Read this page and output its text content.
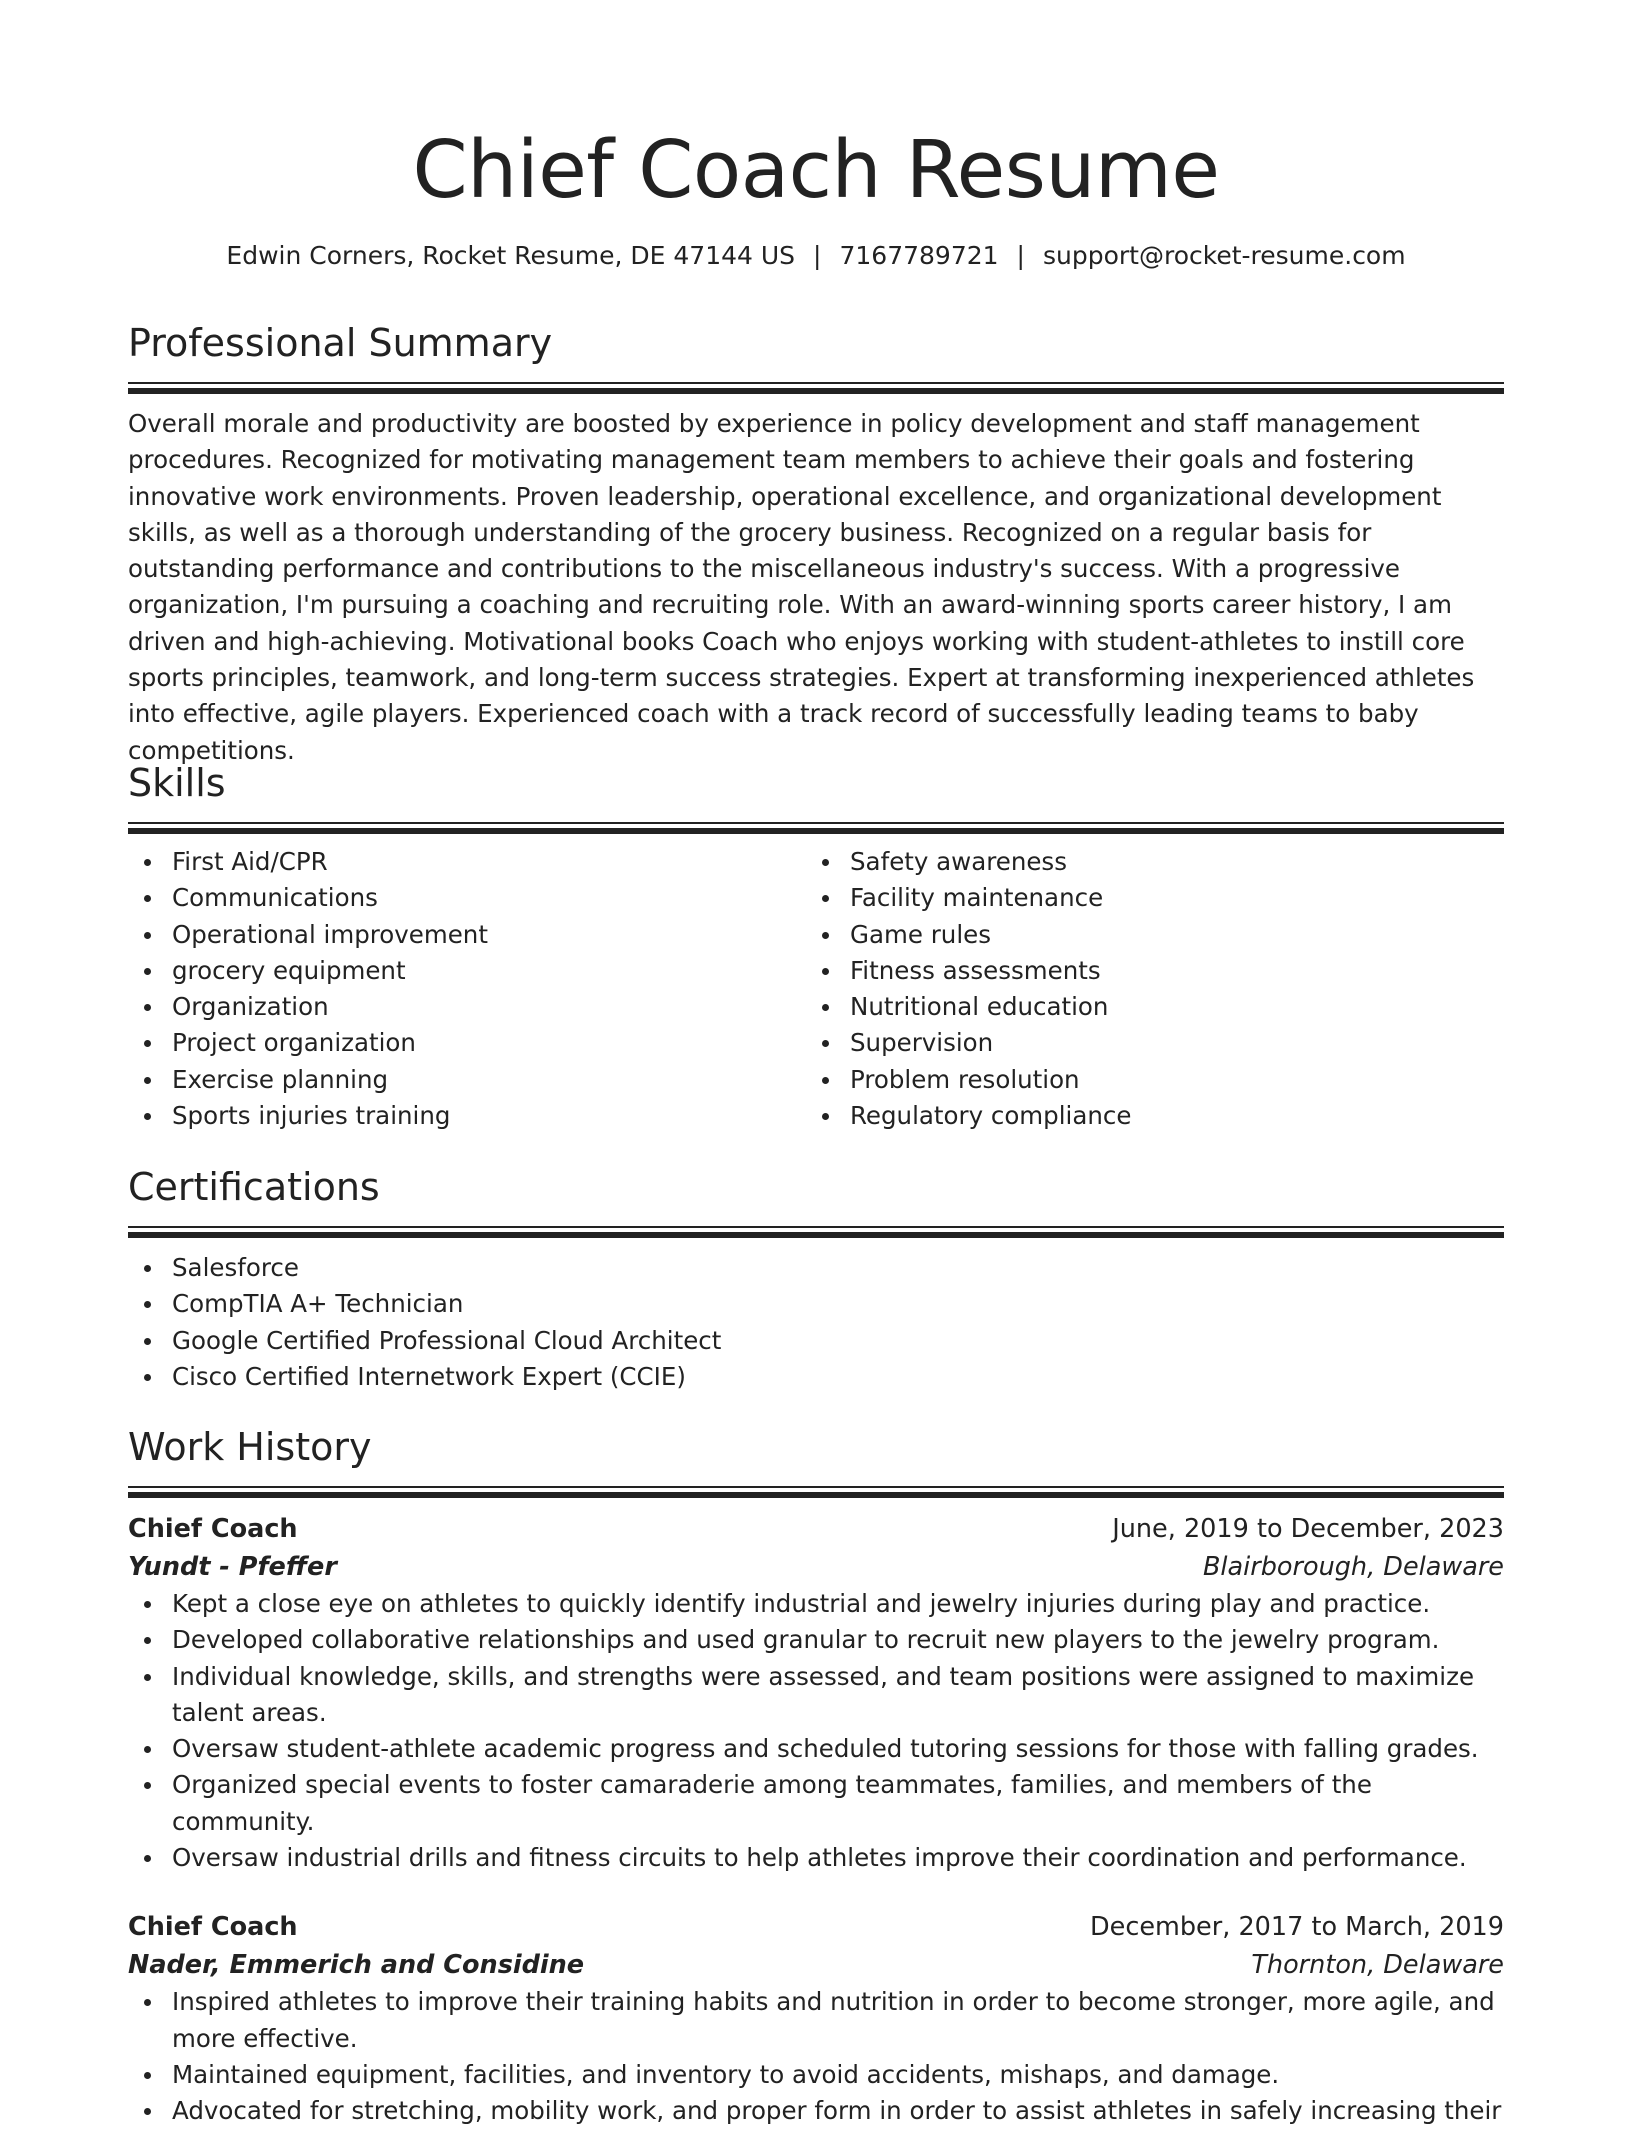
Chief Coach Resume
Edwin Corners, Rocket Resume, DE 47144 US | 7167789721 | support@rocket-resume.com
Professional Summary
Overall morale and productivity are boosted by experience in policy development and staff management procedures. Recognized for motivating management team members to achieve their goals and fostering innovative work environments. Proven leadership, operational excellence, and organizational development skills, as well as a thorough understanding of the grocery business. Recognized on a regular basis for outstanding performance and contributions to the miscellaneous industry's success. With a progressive organization, I'm pursuing a coaching and recruiting role. With an award-winning sports career history, I am driven and high-achieving. Motivational books Coach who enjoys working with student-athletes to instill core sports principles, teamwork, and long-term success strategies. Expert at transforming inexperienced athletes into effective, agile players. Experienced coach with a track record of successfully leading teams to baby competitions.
Skills
First Aid/CPR
Communications
Operational improvement
grocery equipment
Organization
Project organization
Exercise planning
Sports injuries training
Safety awareness
Facility maintenance
Game rules
Fitness assessments
Nutritional education
Supervision
Problem resolution
Regulatory compliance
Certifications
Salesforce
CompTIA A+ Technician
Google Certified Professional Cloud Architect
Cisco Certified Internetwork Expert (CCIE)
Work History
Chief Coach	June, 2019 to December, 2023
Yundt - Pfeffer	Blairborough, Delaware
Kept a close eye on athletes to quickly identify industrial and jewelry injuries during play and practice.
Developed collaborative relationships and used granular to recruit new players to the jewelry program.
Individual knowledge, skills, and strengths were assessed, and team positions were assigned to maximize talent areas.
Oversaw student-athlete academic progress and scheduled tutoring sessions for those with falling grades.
Organized special events to foster camaraderie among teammates, families, and members of the community.
Oversaw industrial drills and fitness circuits to help athletes improve their coordination and performance.
Chief Coach	December, 2017 to March, 2019
Nader, Emmerich and Considine	Thornton, Delaware
Inspired athletes to improve their training habits and nutrition in order to become stronger, more agile, and more effective.
Maintained equipment, facilities, and inventory to avoid accidents, mishaps, and damage.
Advocated for stretching, mobility work, and proper form in order to assist athletes in safely increasing their
